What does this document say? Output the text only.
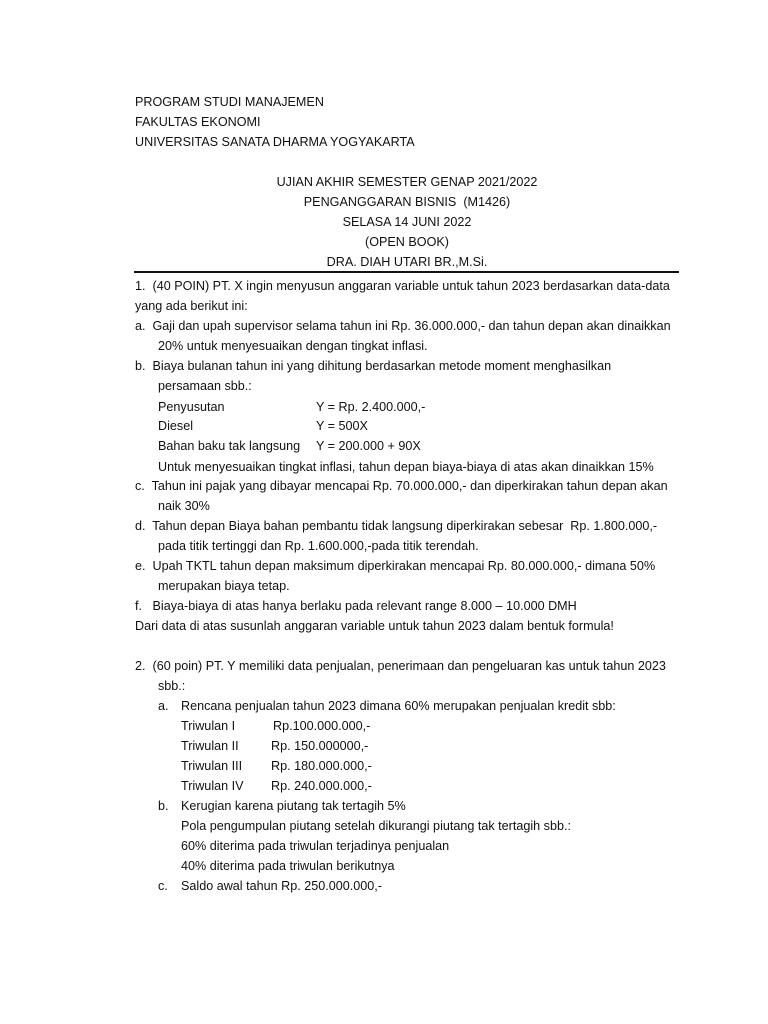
PROGRAM STUDI MANAJEMEN
FAKULTAS EKONOMI
UNIVERSITAS SANATA DHARMA YOGYAKARTA
UJIAN AKHIR SEMESTER GENAP 2021/2022
PENGANGGARAN BISNIS  (M1426)
SELASA 14 JUNI 2022
(OPEN BOOK)
DRA. DIAH UTARI BR.,M.Si.
1.  (40 POIN) PT. X ingin menyusun anggaran variable untuk tahun 2023 berdasarkan data-data
yang ada berikut ini:
a.  Gaji dan upah supervisor selama tahun ini Rp. 36.000.000,- dan tahun depan akan dinaikkan
20% untuk menyesuaikan dengan tingkat inflasi.
b.  Biaya bulanan tahun ini yang dihitung berdasarkan metode moment menghasilkan
persamaan sbb.:
Penyusutan	Y = Rp. 2.400.000,-
Diesel	Y = 500X
Bahan baku tak langsung Y = 200.000 + 90X
Untuk menyesuaikan tingkat inflasi, tahun depan biaya-biaya di atas akan dinaikkan 15%
c.  Tahun ini pajak yang dibayar mencapai Rp. 70.000.000,- dan diperkirakan tahun depan akan
naik 30%
d.  Tahun depan Biaya bahan pembantu tidak langsung diperkirakan sebesar  Rp. 1.800.000,-
pada titik tertinggi dan Rp. 1.600.000,-pada titik terendah.
e.  Upah TKTL tahun depan maksimum diperkirakan mencapai Rp. 80.000.000,- dimana 50%
merupakan biaya tetap.
f.   Biaya-biaya di atas hanya berlaku pada relevant range 8.000 – 10.000 DMH
Dari data di atas susunlah anggaran variable untuk tahun 2023 dalam bentuk formula!
2.  (60 poin) PT. Y memiliki data penjualan, penerimaan dan pengeluaran kas untuk tahun 2023
sbb.:
a. Rencana penjualan tahun 2023 dimana 60% merupakan penjualan kredit sbb:
Triwulan I	Rp.100.000.000,-
Triwulan II	Rp. 150.000000,-
Triwulan III Rp. 180.000.000,-
Triwulan IV Rp. 240.000.000,-
b. Kerugian karena piutang tak tertagih 5%
Pola pengumpulan piutang setelah dikurangi piutang tak tertagih sbb.:
60% diterima pada triwulan terjadinya penjualan
40% diterima pada triwulan berikutnya
c. Saldo awal tahun Rp. 250.000.000,-
